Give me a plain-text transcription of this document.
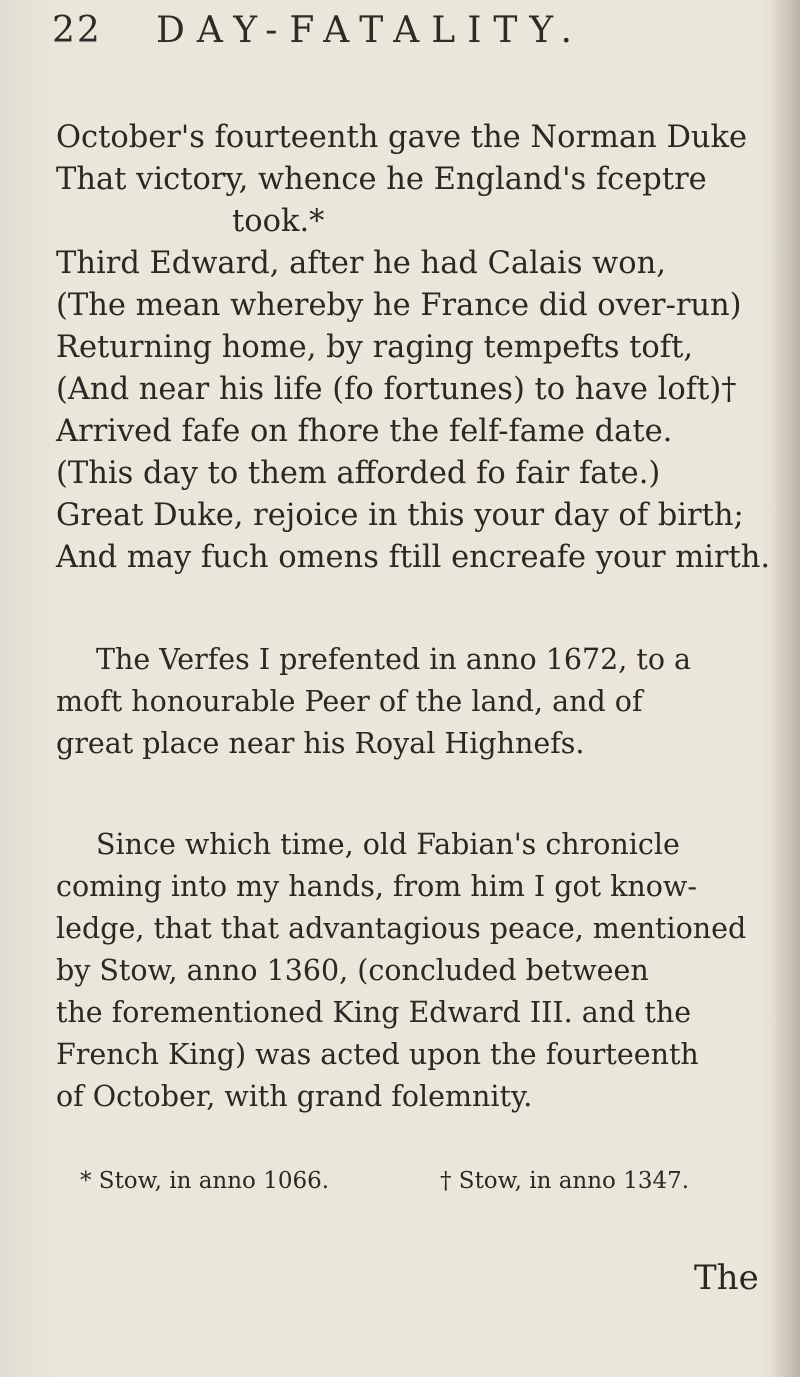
22 DAY-FATALITY.
October's fourteenth gave the Norman Duke
That victory, whence he England's fceptre
took.*
Third Edward, after he had Calais won,
(The mean whereby he France did over-run)
Returning home, by raging tempefts toft,
(And near his life (fo fortunes) to have loft)†
Arrived fafe on fhore the felf-fame date.
(This day to them afforded fo fair fate.)
Great Duke, rejoice in this your day of birth;
And may fuch omens ftill encreafe your mirth.
The Verfes I prefented in anno 1672, to a
moft honourable Peer of the land, and of
great place near his Royal Highnefs.
Since which time, old Fabian's chronicle
coming into my hands, from him I got know-
ledge, that that advantagious peace, mentioned
by Stow, anno 1360, (concluded between
the forementioned King Edward III. and the
French King) was acted upon the fourteenth
of October, with grand folemnity.
* Stow, in anno 1066.	† Stow, in anno 1347.
The
